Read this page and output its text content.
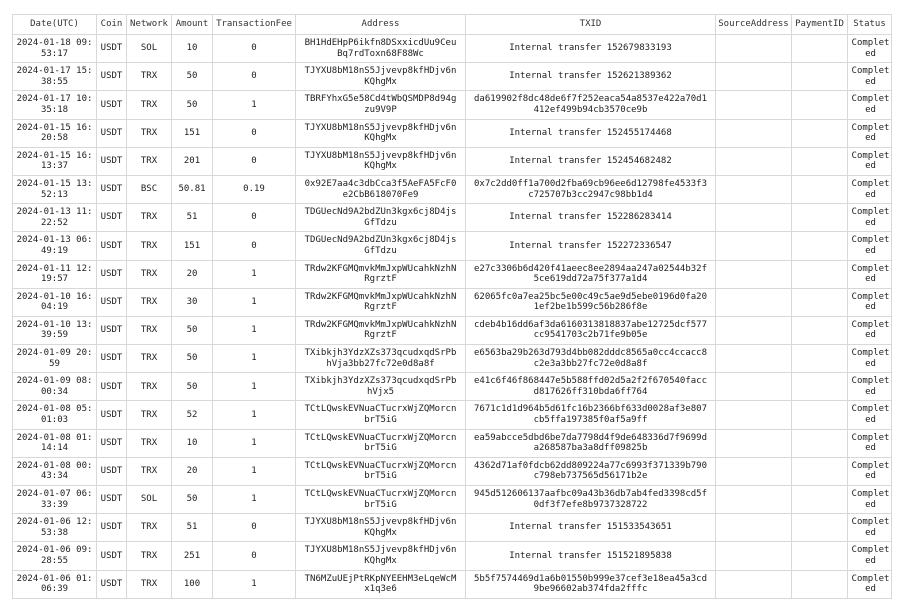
Date(UTC)	Coin	Network	Amount	TransactionFee	Address	TXID	SourceAddress	PaymentID	Status
2024-01-18 09:53:17	USDT	SOL	10	0	BH1HdEHpP6ikfn8DSxxicdUu9CeuBq7rdToxn68F88Wc	Internal transfer 152679833193			Completed
2024-01-17 15:38:55	USDT	TRX	50	0	TJYXU8bM18nS5Jjvevp8kfHDjv6nKQhgMx	Internal transfer 152621389362			Completed
2024-01-17 10:35:18	USDT	TRX	50	1	TBRFYhxG5e58Cd4tWbQSMDP8d94gzu9V9P	da619902f8dc48de6f7f252eaca54a8537e422a70d1412ef499b94cb3570ce9b			Completed
2024-01-15 16:20:58	USDT	TRX	151	0	TJYXU8bM18nS5Jjvevp8kfHDjv6nKQhgMx	Internal transfer 152455174468			Completed
2024-01-15 16:13:37	USDT	TRX	201	0	TJYXU8bM18nS5Jjvevp8kfHDjv6nKQhgMx	Internal transfer 152454682482			Completed
2024-01-15 13:52:13	USDT	BSC	50.81	0.19	0x92E7aa4c3dbCca3f5AeFA5FcF0e2CbB618070Fe9	0x7c2dd0ff1a700d2fba69cb96ee6d12798fe4533f3c725707b3cc2947c98bb1d4			Completed
2024-01-13 11:22:52	USDT	TRX	51	0	TDGUecNd9A2bdZUn3kgx6cj8D4jsGfTdzu	Internal transfer 152286283414			Completed
2024-01-13 06:49:19	USDT	TRX	151	0	TDGUecNd9A2bdZUn3kgx6cj8D4jsGfTdzu	Internal transfer 152272336547			Completed
2024-01-11 12:19:57	USDT	TRX	20	1	TRdw2KFGMQmvkMmJxpWUcahkNzhNRgrztF	e27c3306b6d420f41aeec8ee2894aa247a02544b32f5ce619dd72a75f377a1d4			Completed
2024-01-10 16:04:19	USDT	TRX	30	1	TRdw2KFGMQmvkMmJxpWUcahkNzhNRgrztF	62065fc0a7ea25bc5e00c49c5ae9d5ebe0196d0fa201ef2be1b599c56b286f8e			Completed
2024-01-10 13:39:59	USDT	TRX	50	1	TRdw2KFGMQmvkMmJxpWUcahkNzhNRgrztF	cdeb4b16dd6af3da6160313818837abe12725dcf577cc9541703c2b71fe9b05e			Completed
2024-01-09 20:59	USDT	TRX	50	1	TXibkjh3YdzXZs373qcudxqdSrPbhVja3bb27fc72e0d8a8f	e6563ba29b263d793d4bb082dddc8565a0cc4ccacc8c2e3a3bb27fc72e0d8a8f			Completed
2024-01-09 08:00:34	USDT	TRX	50	1	TXibkjh3YdzXZs373qcudxqdSrPbhVjx5	e41c6f46f868447e5b588ffd02d5a2f2f670540faccd817626ff310bda6ff764			Completed
2024-01-08 05:01:03	USDT	TRX	52	1	TCtLQwskEVNuaCTucrxWjZQMorcnbrT5iG	7671c1d1d964b5d61fc16b2366bf633d0028af3e807cb5ffa197385f0af5a9ff			Completed
2024-01-08 01:14:14	USDT	TRX	10	1	TCtLQwskEVNuaCTucrxWjZQMorcnbrT5iG	ea59abcce5dbd6be7da7798d4f9de648336d7f9699da268587ba3a8dff09825b			Completed
2024-01-08 00:43:34	USDT	TRX	20	1	TCtLQwskEVNuaCTucrxWjZQMorcnbrT5iG	4362d71af0fdcb62dd809224a77c6993f371339b790c798eb737565d56171b2e			Completed
2024-01-07 06:33:39	USDT	SOL	50	1	TCtLQwskEVNuaCTucrxWjZQMorcnbrT5iG	945d512606137aafbc09a43b36db7ab4fed3398cd5f0df3f7efe8b9737328722			Completed
2024-01-06 12:53:38	USDT	TRX	51	0	TJYXU8bM18nS5Jjvevp8kfHDjv6nKQhgMx	Internal transfer 151533543651			Completed
2024-01-06 09:28:55	USDT	TRX	251	0	TJYXU8bM18nS5Jjvevp8kfHDjv6nKQhgMx	Internal transfer 151521895838			Completed
2024-01-06 01:06:39	USDT	TRX	100	1	TN6MZuUEjPtRKpNYEEHM3eLqeWcMx1q3e6	5b5f7574469d1a6b01550b999e37cef3e18ea45a3cd9be96602ab374fda2fffc			Completed
